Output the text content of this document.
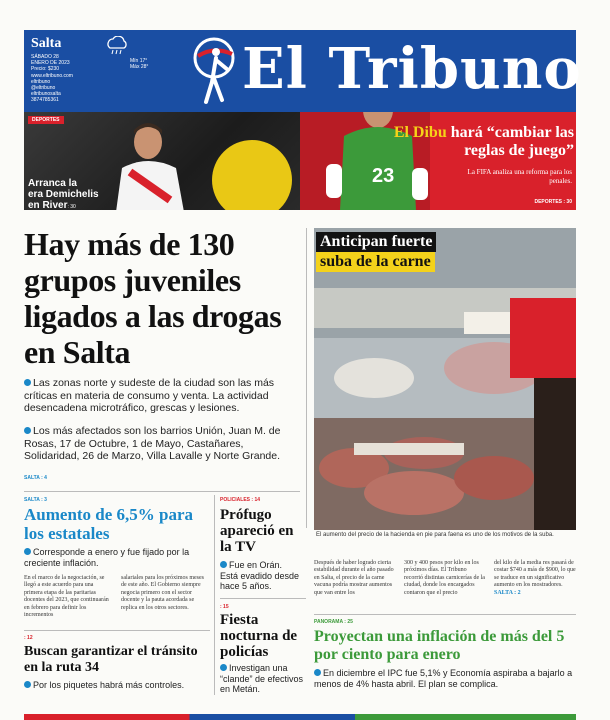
Salta
SÁBADO 28
ENERO DE 2023
Precio: $230
www.eltribuno.com
eltribuno
@eltribuno
eltribunosalta
3874785361
Mín 17°
Máx 28° El Tribuno
DEPORTES
Arranca la
era Demichelis
en River: 30
23
El Dibu hará “cambiar las reglas de juego”
La FIFA analiza una reforma para los penales.
DEPORTES : 30
Hay más de 130 grupos juveniles ligados a las drogas en Salta
Las zonas norte y sudeste de la ciudad son las más críticas en materia de consumo y venta. La actividad desencadena microtráfico, grescas y lesiones.
Los más afectados son los barrios Unión, Juan M. de Rosas, 17 de Octubre, 1 de Mayo, Castañares, Solidaridad, 26 de Marzo, Villa Lavalle y Norte Grande.
SALTA : 4
Anticipan fuerte
suba de la carne
El aumento del precio de la hacienda en pie para faena es uno de los motivos de la suba.
Después de haber logrado cierta estabilidad durante el año pasado en Salta, el precio de la carne vacuna podría mostrar aumentos que van entre los
300 y 400 pesos por kilo en los próximos días. El Tribuno recorrió distintas carnicerías de la ciudad, donde los encargados contaron que el precio
del kilo de la media res pasará de costar $740 a más de $900, lo que se traduce en un significativo aumento en los mostradores. SALTA : 2
SALTA : 3
Aumento de 6,5% para los estatales
Corresponde a enero y fue fijado por la creciente inflación.
En el marco de la negociación, se llegó a este acuerdo para una primera etapa de las paritarias docentes del 2023, que continuarán en febrero para definir los incrementos
salariales para los próximos meses de este año. El Gobierno siempre negocia primero con el sector docente y la pauta acordada se replica en los otros sectores.
POLICIALES : 14
Prófugo apareció en la TV
Fue en Orán. Está evadido desde hace 5 años.
: 15
Fiesta nocturna de policías
Investigan una “clande” de efectivos en Metán.
: 12
Buscan garantizar el tránsito en la ruta 34
Por los piquetes habrá más controles.
PANORAMA : 25
Proyectan una inflación de más del 5 por ciento para enero
En diciembre el IPC fue 5,1% y Economía aspiraba a bajarlo a menos de 4% hasta abril. El plan se complica.
